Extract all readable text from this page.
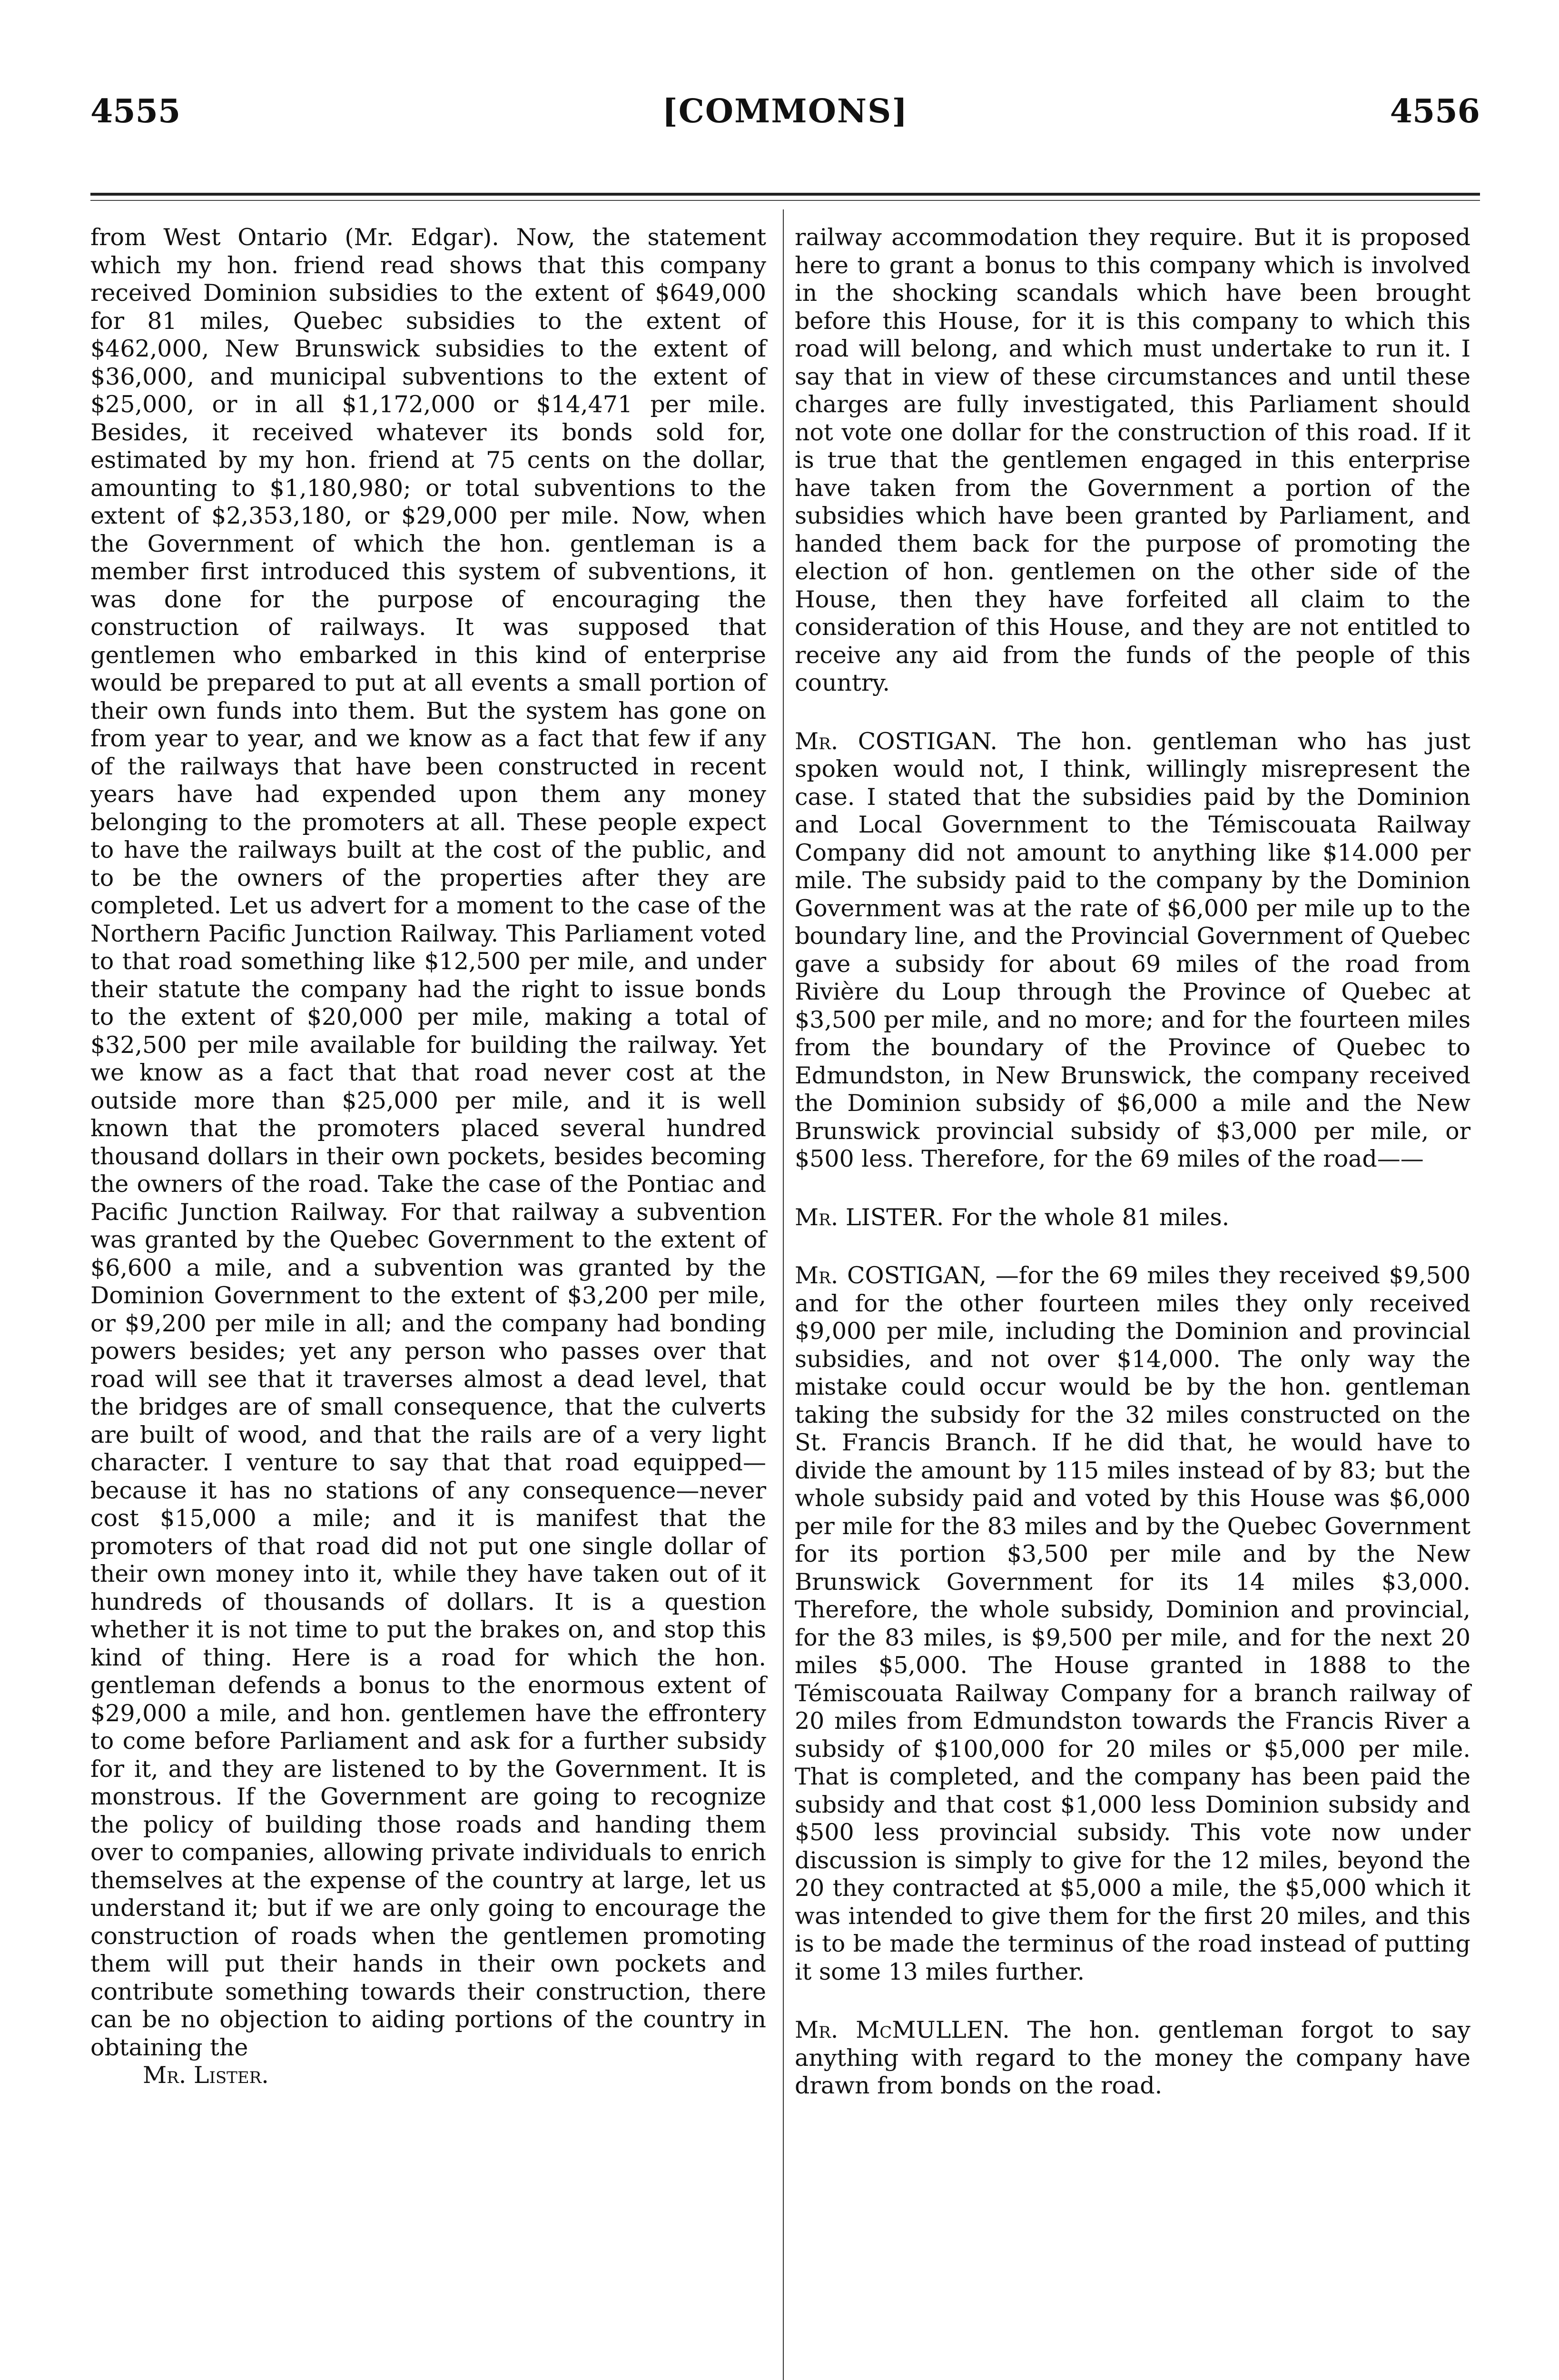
4555	[COMMONS]	4556

from West Ontario (Mr. Edgar). Now, the statement which my hon. friend read shows that this company received Dominion subsidies to the extent of $649,000 for 81 miles, Quebec subsidies to the extent of $462,000, New Brunswick subsidies to the extent of $36,000, and municipal subventions to the extent of $25,000, or in all $1,172,000 or $14,471 per mile. Besides, it received whatever its bonds sold for, estimated by my hon. friend at 75 cents on the dollar, amounting to $1,180,980; or total subventions to the extent of $2,353,180, or $29,000 per mile. Now, when the Government of which the hon. gentleman is a member first introduced this system of subventions, it was done for the purpose of encouraging the construction of railways. It was supposed that gentlemen who embarked in this kind of enterprise would be prepared to put at all events a small portion of their own funds into them. But the system has gone on from year to year, and we know as a fact that few if any of the railways that have been constructed in recent years have had expended upon them any money belonging to the promoters at all. These people expect to have the railways built at the cost of the public, and to be the owners of the properties after they are completed. Let us advert for a moment to the case of the Northern Pacific Junction Railway. This Parliament voted to that road something like $12,500 per mile, and under their statute the company had the right to issue bonds to the extent of $20,000 per mile, making a total of $32,500 per mile available for building the railway. Yet we know as a fact that that road never cost at the outside more than $25,000 per mile, and it is well known that the promoters placed several hundred thousand dollars in their own pockets, besides becoming the owners of the road. Take the case of the Pontiac and Pacific Junction Railway. For that railway a subvention was granted by the Quebec Government to the extent of $6,600 a mile, and a subvention was granted by the Dominion Government to the extent of $3,200 per mile, or $9,200 per mile in all; and the company had bonding powers besides; yet any person who passes over that road will see that it traverses almost a dead level, that the bridges are of small consequence, that the culverts are built of wood, and that the rails are of a very light character. I venture to say that that road equipped—because it has no stations of any consequence—never cost $15,000 a mile; and it is manifest that the promoters of that road did not put one single dollar of their own money into it, while they have taken out of it hundreds of thousands of dollars. It is a question whether it is not time to put the brakes on, and stop this kind of thing. Here is a road for which the hon. gentleman defends a bonus to the enormous extent of $29,000 a mile, and hon. gentlemen have the effrontery to come before Parliament and ask for a further subsidy for it, and they are listened to by the Government. It is monstrous. If the Government are going to recognize the policy of building those roads and handing them over to companies, allowing private individuals to enrich themselves at the expense of the country at large, let us understand it; but if we are only going to encourage the construction of roads when the gentlemen promoting them will put their hands in their own pockets and contribute something towards their construction, there can be no objection to aiding portions of the country in obtaining the

Mr. Lister.

railway accommodation they require. But it is proposed here to grant a bonus to this company which is involved in the shocking scandals which have been brought before this House, for it is this company to which this road will belong, and which must undertake to run it. I say that in view of these circumstances and until these charges are fully investigated, this Parliament should not vote one dollar for the construction of this road. If it is true that the gentlemen engaged in this enterprise have taken from the Government a portion of the subsidies which have been granted by Parliament, and handed them back for the purpose of promoting the election of hon. gentlemen on the other side of the House, then they have forfeited all claim to the consideration of this House, and they are not entitled to receive any aid from the funds of the people of this country.

Mr. COSTIGAN. The hon. gentleman who has just spoken would not, I think, willingly misrepresent the case. I stated that the subsidies paid by the Dominion and Local Government to the Témiscouata Railway Company did not amount to anything like $14.000 per mile. The subsidy paid to the company by the Dominion Government was at the rate of $6,000 per mile up to the boundary line, and the Provincial Government of Quebec gave a subsidy for about 69 miles of the road from Rivière du Loup through the Province of Quebec at $3,500 per mile, and no more; and for the fourteen miles from the boundary of the Province of Quebec to Edmundston, in New Brunswick, the company received the Dominion subsidy of $6,000 a mile and the New Brunswick provincial subsidy of $3,000 per mile, or $500 less. Therefore, for the 69 miles of the road——

Mr. LISTER. For the whole 81 miles.

Mr. COSTIGAN, —for the 69 miles they received $9,500 and for the other fourteen miles they only received $9,000 per mile, including the Dominion and provincial subsidies, and not over $14,000. The only way the mistake could occur would be by the hon. gentleman taking the subsidy for the 32 miles constructed on the St. Francis Branch. If he did that, he would have to divide the amount by 115 miles instead of by 83; but the whole subsidy paid and voted by this House was $6,000 per mile for the 83 miles and by the Quebec Government for its portion $3,500 per mile and by the New Brunswick Government for its 14 miles $3,000. Therefore, the whole subsidy, Dominion and provincial, for the 83 miles, is $9,500 per mile, and for the next 20 miles $5,000. The House granted in 1888 to the Témiscouata Railway Company for a branch railway of 20 miles from Edmundston towards the Francis River a subsidy of $100,000 for 20 miles or $5,000 per mile. That is completed, and the company has been paid the subsidy and that cost $1,000 less Dominion subsidy and $500 less provincial subsidy. This vote now under discussion is simply to give for the 12 miles, beyond the 20 they contracted at $5,000 a mile, the $5,000 which it was intended to give them for the first 20 miles, and this is to be made the terminus of the road instead of putting it some 13 miles further.

Mr. McMULLEN. The hon. gentleman forgot to say anything with regard to the money the company have drawn from bonds on the road.
